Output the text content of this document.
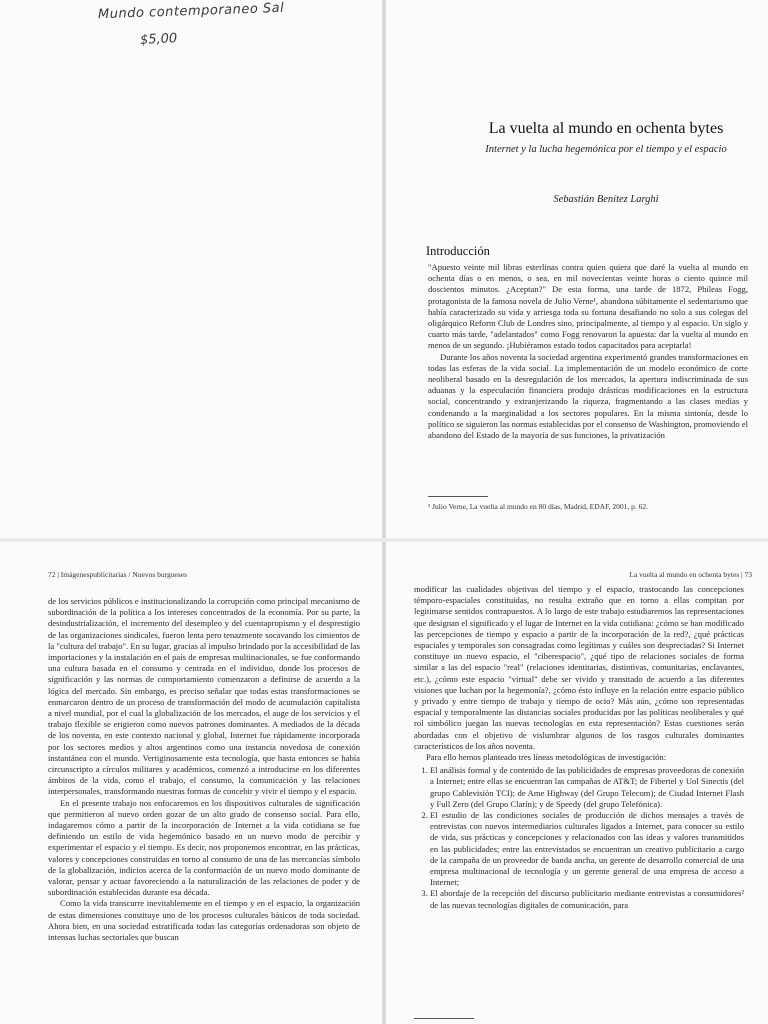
Mundo contemporaneo Sal
$5,00
La vuelta al mundo en ochenta bytes
Internet y la lucha hegemónica por el tiempo y el espacio
Sebastián Benítez Larghi
Introducción

"Apuesto veinte mil libras esterlinas contra quien quiera que daré la vuelta al mundo en ochenta días o en menos, o sea, en mil novecientas veinte horas o ciento quince mil doscientos minutos. ¿Aceptan?" De esta forma, una tarde de 1872, Phileas Fogg, protagonista de la famosa novela de Julio Verne¹, abandona súbitamente el sedentarismo que había caracterizado su vida y arriesga toda su fortuna desafiando no solo a sus colegas del oligárquico Reform Club de Londres sino, principalmente, al tiempo y al espacio. Un siglo y cuarto más tarde, "adelantados" como Fogg renovaron la apuesta: dar la vuelta al mundo en menos de un segundo. ¡Hubiéramos estado todos capacitados para aceptarla!

Durante los años noventa la sociedad argentina experimentó grandes transformaciones en todas las esferas de la vida social. La implementación de un modelo económico de corte neoliberal basado en la desregulación de los mercados, la apertura indiscriminada de sus aduanas y la especulación financiera produjo drásticas modificaciones en la estructura social, concentrando y extranjerizando la riqueza, fragmentando a las clases medias y condenando a la marginalidad a los sectores populares. En la misma sintonía, desde lo político se siguieron las normas establecidas por el consenso de Washington, promoviendo el abandono del Estado de la mayoría de sus funciones, la privatización

¹ Julio Verne, La vuelta al mundo en 80 días, Madrid, EDAF, 2001, p. 62.
72 | Imágenespublicitarias / Nuevos burgueses

de los servicios públicos e institucionalizando la corrupción como principal mecanismo de subordinación de la política a los intereses concentrados de la economía. Por su parte, la desindustrialización, el incremento del desempleo y del cuentapropismo y el desprestigio de las organizaciones sindicales, fueron lenta pero tenazmente socavando los cimientos de la "cultura del trabajo". En su lugar, gracias al impulso brindado por la accesibilidad de las importaciones y la instalación en el país de empresas multinacionales, se fue conformando una cultura basada en el consumo y centrada en el individuo, donde los procesos de significación y las normas de comportamiento comenzaron a definirse de acuerdo a la lógica del mercado. Sin embargo, es preciso señalar que todas estas transformaciones se enmarcaron dentro de un proceso de transformación del modo de acumulación capitalista a nivel mundial, por el cual la globalización de los mercados, el auge de los servicios y el trabajo flexible se erigieron como nuevos patrones dominantes. A mediados de la década de los noventa, en este contexto nacional y global, Internet fue rápidamente incorporada por los sectores medios y altos argentinos como una instancia novedosa de conexión instantánea con el mundo. Vertiginosamente esta tecnología, que hasta entonces se había circunscripto a círculos militares y académicos, comenzó a introducirse en los diferentes ámbitos de la vida, como el trabajo, el consumo, la comunicación y las relaciones interpersonales, transformando nuestras formas de concebir y vivir el tiempo y el espacio.

En el presente trabajo nos enfocaremos en los dispositivos culturales de significación que permitieron al nuevo orden gozar de un alto grado de consenso social. Para ello, indagaremos cómo a partir de la incorporación de Internet a la vida cotidiana se fue definiendo un estilo de vida hegemónico basado en un nuevo modo de percibir y experimentar el espacio y el tiempo. Es decir, nos proponemos encontrar, en las prácticas, valores y concepciones construidas en torno al consumo de una de las mercancías símbolo de la globalización, indicios acerca de la conformación de un nuevo modo dominante de valorar, pensar y actuar favoreciendo a la naturalización de las relaciones de poder y de subordinación establecidas durante esa década.

Como la vida transcurre inevitablemente en el tiempo y en el espacio, la organización de estas dimensiones constituye uno de los procesos culturales básicos de toda sociedad. Ahora bien, en una sociedad estratificada todas las categorías ordenadoras son objeto de intensas luchas sectoriales que buscan

La vuelta al mundo en ochenta bytes | 73

modificar las cualidades objetivas del tiempo y el espacio, trastocando las concepciones témporo-espaciales constituidas, no resulta extraño que en torno a ellas compitan por legitimarse sentidos contrapuestos. A lo largo de este trabajo estudiaremos las representaciones que designan el significado y el lugar de Internet en la vida cotidiana: ¿cómo se han modificado las percepciones de tiempo y espacio a partir de la incorporación de la red?, ¿qué prácticas espaciales y temporales son consagradas como legítimas y cuáles son despreciadas? Si Internet constituye un nuevo espacio, el "ciberespacio", ¿qué tipo de relaciones sociales de forma similar a las del espacio "real" (relaciones identitarias, distintivas, comunitarias, enclavantes, etc.), ¿cómo este espacio "virtual" debe ser vivido y transitado de acuerdo a las diferentes visiones que luchan por la hegemonía?, ¿cómo ésto influye en la relación entre espacio público y privado y entre tiempo de trabajo y tiempo de ocio? Más aún, ¿cómo son representadas espacial y temporalmente las distancias sociales producidas por las políticas neoliberales y qué rol simbólico juegan las nuevas tecnologías en esta representación? Estas cuestiones serán abordadas con el objetivo de vislumbrar algunos de los rasgos culturales dominantes característicos de los años noventa.

Para ello hemos planteado tres líneas metodológicas de investigación:

1. El análisis formal y de contenido de las publicidades de empresas proveedoras de conexión a Internet; entre ellas se encuentran las campañas de AT&T; de Fibertel y Uol Sinectis (del grupo Cablevisión TCI); de Ame Highway (del Grupo Telecom); de Ciudad Internet Flash y Full Zero (del Grupo Clarín); y de Speedy (del grupo Telefónica).
2. El estudio de las condiciones sociales de producción de dichos mensajes a través de entrevistas con nuevos intermediarios culturales ligados a Internet, para conocer su estilo de vida, sus prácticas y concepciones y relacionados con las ideas y valores transmitidos en las publicidades; entre las entrevistados se encuentran un creativo publicitario a cargo de la campaña de un proveedor de banda ancha, un gerente de desarrollo comercial de una empresa multinacional de tecnología y un gerente general de una empresa de acceso a Internet;
3. El abordaje de la recepción del discurso publicitario mediante entrevistas a consumidores² de las nuevas tecnologías digitales de comunicación, para
